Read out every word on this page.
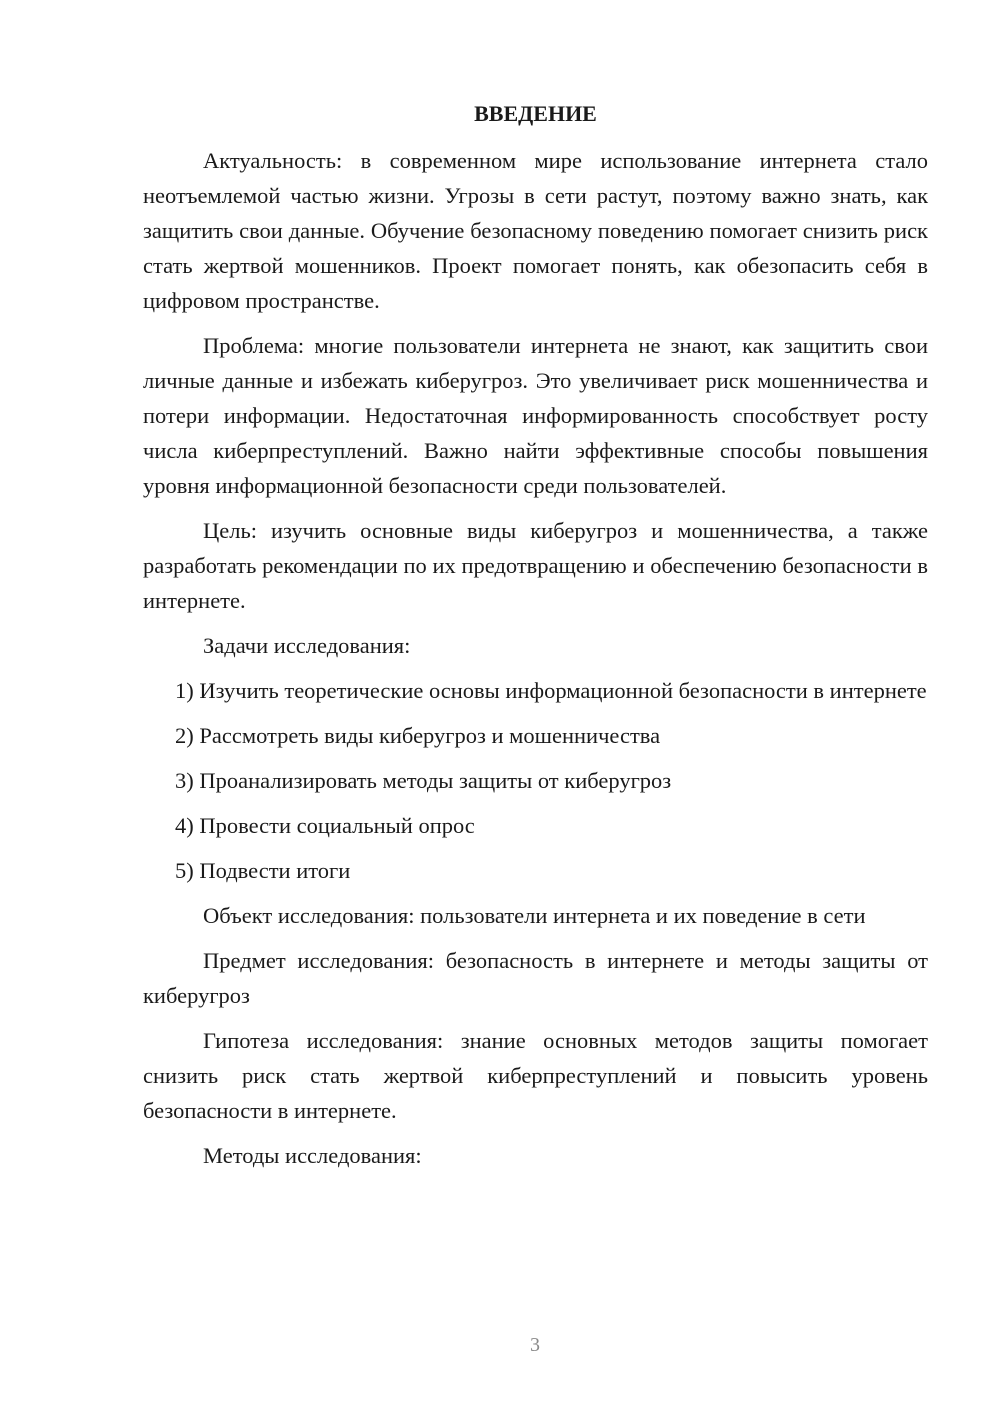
ВВЕДЕНИЕ

Актуальность: в современном мире использование интернета стало неотъемлемой частью жизни. Угрозы в сети растут, поэтому важно знать, как защитить свои данные. Обучение безопасному поведению помогает снизить риск стать жертвой мошенников. Проект помогает понять, как обезопасить себя в цифровом пространстве.

Проблема: многие пользователи интернета не знают, как защитить свои личные данные и избежать киберугроз. Это увеличивает риск мошенничества и потери информации. Недостаточная информированность способствует росту числа киберпреступлений. Важно найти эффективные способы повышения уровня информационной безопасности среди пользователей.

Цель: изучить основные виды киберугроз и мошенничества, а также разработать рекомендации по их предотвращению и обеспечению безопасности в интернете.

Задачи исследования:

1) Изучить теоретические основы информационной безопасности в интернете

2) Рассмотреть виды киберугроз и мошенничества

3) Проанализировать методы защиты от киберугроз

4) Провести социальный опрос

5) Подвести итоги

Объект исследования: пользователи интернета и их поведение в сети

Предмет исследования: безопасность в интернете и методы защиты от киберугроз

Гипотеза исследования: знание основных методов защиты помогает снизить риск стать жертвой киберпреступлений и повысить уровень безопасности в интернете.

Методы исследования:

3
